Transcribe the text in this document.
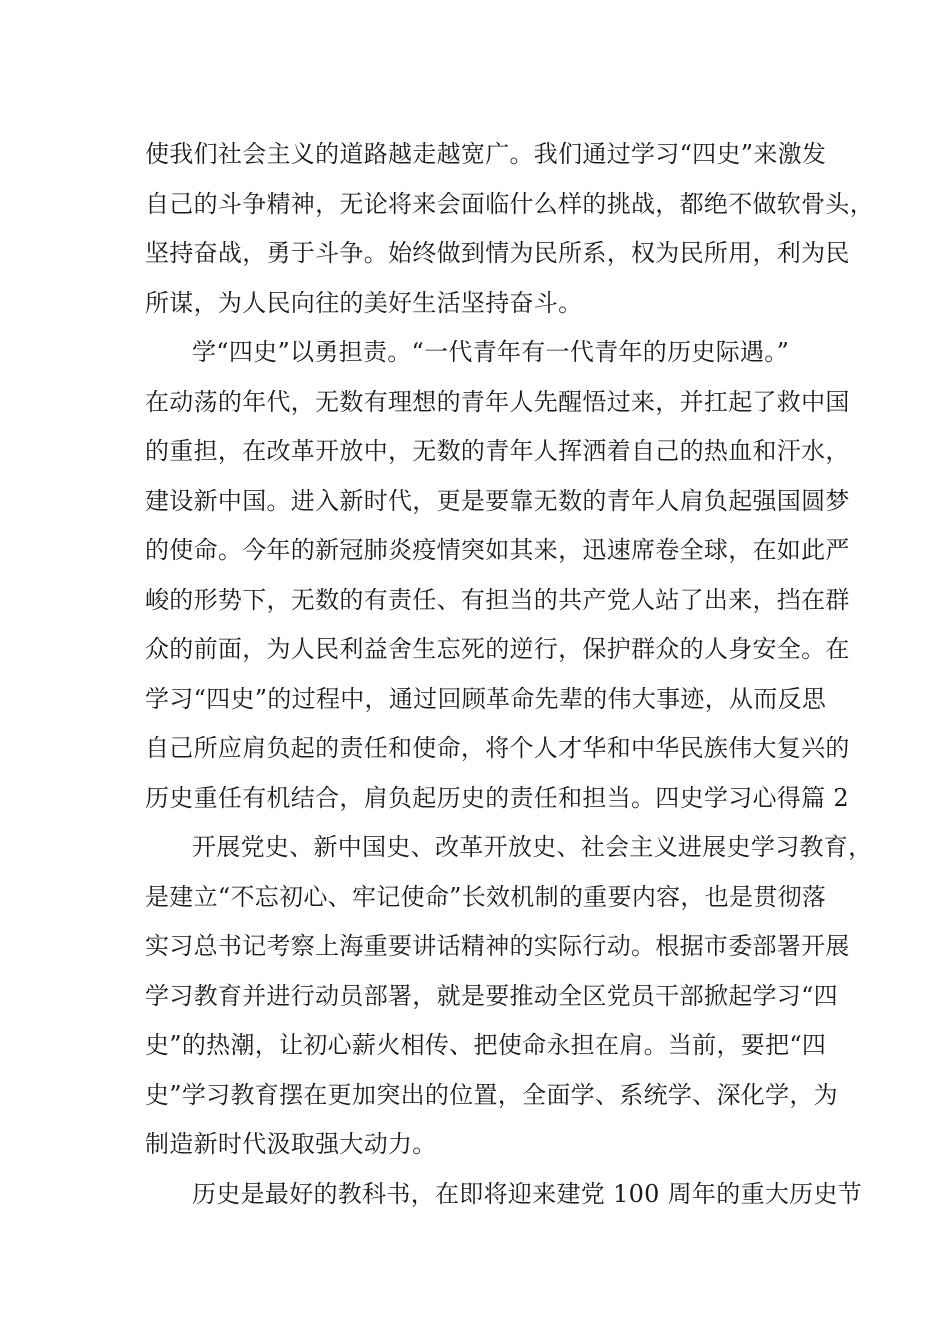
使我们社会主义的道路越走越宽广。我们通过学习“四史”来激发
自己的斗争精神，无论将来会面临什么样的挑战，都绝不做软骨头，
坚持奋战，勇于斗争。始终做到情为民所系，权为民所用，利为民
所谋，为人民向往的美好生活坚持奋斗。
学“四史”以勇担责。“一代青年有一代青年的历史际遇。”
在动荡的年代，无数有理想的青年人先醒悟过来，并扛起了救中国
的重担，在改革开放中，无数的青年人挥洒着自己的热血和汗水，
建设新中国。进入新时代，更是要靠无数的青年人肩负起强国圆梦
的使命。今年的新冠肺炎疫情突如其来，迅速席卷全球，在如此严
峻的形势下，无数的有责任、有担当的共产党人站了出来，挡在群
众的前面，为人民利益舍生忘死的逆行，保护群众的人身安全。在
学习“四史”的过程中，通过回顾革命先辈的伟大事迹，从而反思
自己所应肩负起的责任和使命，将个人才华和中华民族伟大复兴的
历史重任有机结合，肩负起历史的责任和担当。四史学习心得篇 2
开展党史、新中国史、改革开放史、社会主义进展史学习教育，
是建立“不忘初心、牢记使命”长效机制的重要内容，也是贯彻落
实习总书记考察上海重要讲话精神的实际行动。根据市委部署开展
学习教育并进行动员部署，就是要推动全区党员干部掀起学习“四
史”的热潮，让初心薪火相传、把使命永担在肩。当前，要把“四
史”学习教育摆在更加突出的位置，全面学、系统学、深化学，为
制造新时代汲取强大动力。
历史是最好的教科书，在即将迎来建党 100 周年的重大历史节
